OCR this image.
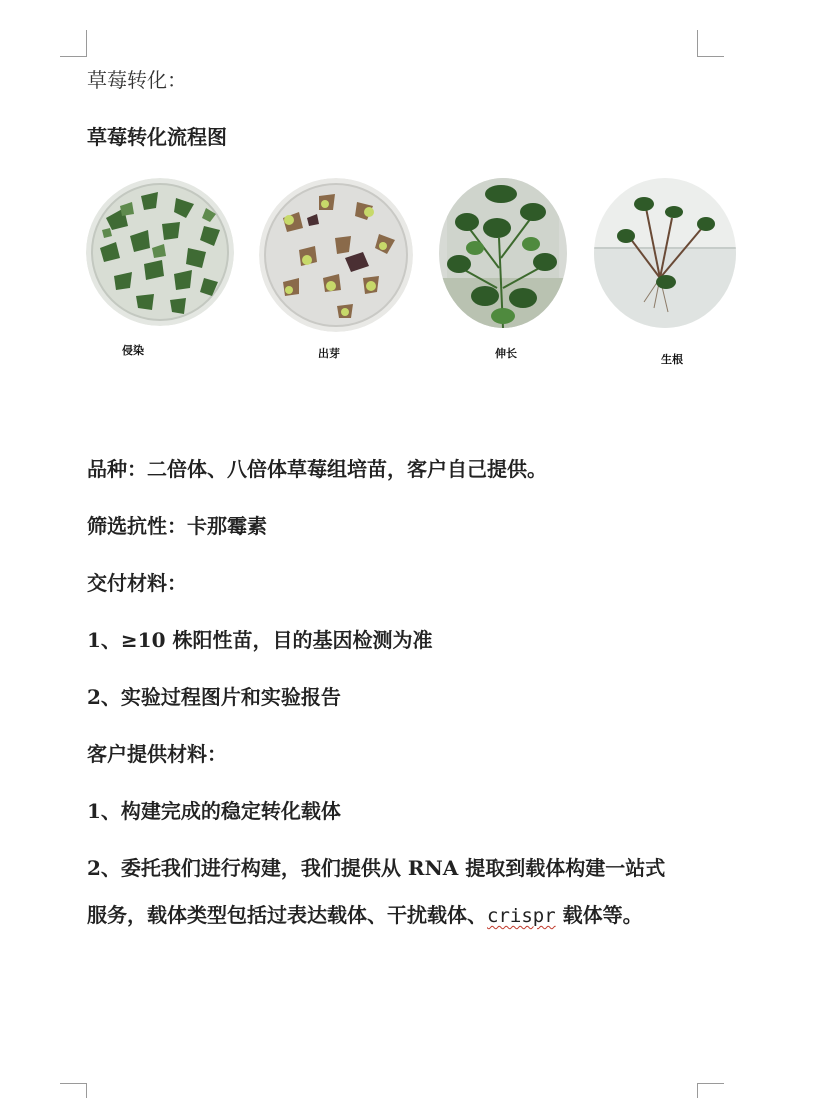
草莓转化：
草莓转化流程图
侵染	出芽	伸长	生根
品种：二倍体、八倍体草莓组培苗，客户自己提供。
筛选抗性：卡那霉素
交付材料：
1、≥10 株阳性苗，目的基因检测为准
2、实验过程图片和实验报告
客户提供材料：
1、构建完成的稳定转化载体
2、委托我们进行构建，我们提供从 RNA 提取到载体构建一站式
服务，载体类型包括过表达载体、干扰载体、crispr 载体等。
